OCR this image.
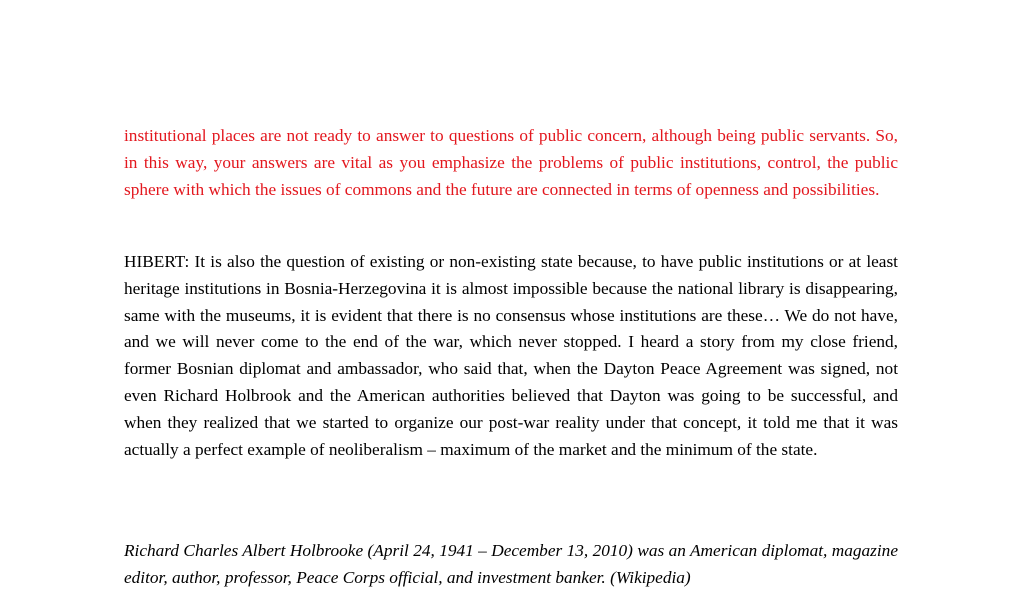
institutional places are not ready to answer to questions of public concern, although being public servants. So, in this way, your answers are vital as you emphasize the problems of public institutions, control, the public sphere with which the issues of commons and the future are connected in terms of openness and possibilities.

HIBERT: It is also the question of existing or non-existing state because, to have public institutions or at least heritage institutions in Bosnia-Herzegovina it is almost impossible because the national library is disappearing, same with the museums, it is evident that there is no consensus whose institutions are these… We do not have, and we will never come to the end of the war, which never stopped. I heard a story from my close friend, former Bosnian diplomat and ambassador, who said that, when the Dayton Peace Agreement was signed, not even Richard Holbrook and the American authorities believed that Dayton was going to be successful, and when they realized that we started to organize our post-war reality under that concept, it told me that it was actually a perfect example of neoliberalism – maximum of the market and the minimum of the state.

Richard Charles Albert Holbrooke (April 24, 1941 – December 13, 2010) was an American diplomat, magazine editor, author, professor, Peace Corps official, and investment banker. (Wikipedia)
